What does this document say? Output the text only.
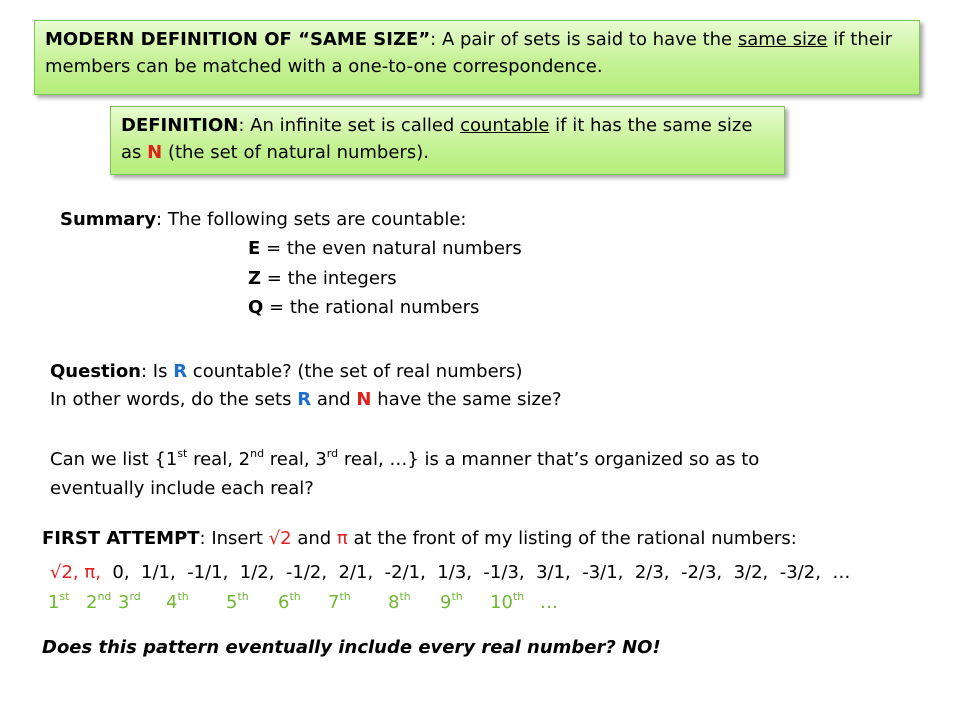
MODERN DEFINITION OF “SAME SIZE”: A pair of sets is said to have the same size if their members can be matched with a one-to-one correspondence.
DEFINITION: An infinite set is called countable if it has the same size as N (the set of natural numbers).
Summary: The following sets are countable:
E = the even natural numbers
Z = the integers
Q = the rational numbers
Question: Is R countable? (the set of real numbers)
In other words, do the sets R and N have the same size?
Can we list {1st real, 2nd real, 3rd real, …} is a manner that’s organized so as to
eventually include each real?
FIRST ATTEMPT: Insert √2 and π at the front of my listing of the rational numbers:
√2, π,  0,  1/1,  -1/1,  1/2,  -1/2,  2/1,  -2/1,  1/3,  -1/3,  3/1,  -3/1,  2/3,  -2/3,  3/2,  -3/2,  …
1st 2nd 3rd 4th 5th 6th 7th 8th 9th 10th …
Does this pattern eventually include every real number? NO!
